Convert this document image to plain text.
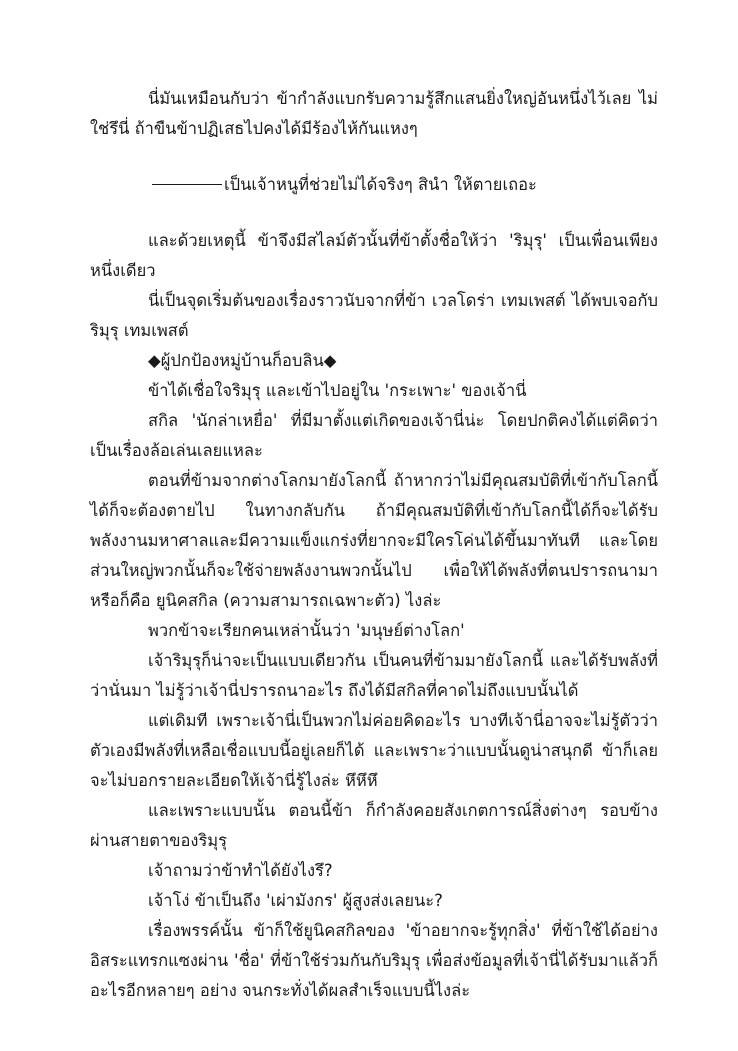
นี่มันเหมือนกับว่า ข้ากำลังแบกรับความรู้สึกแสนยิ่งใหญ่อันหนึ่งไว้เลย ไม่ใช่รึนี่ ถ้าขืนข้าปฏิเสธไปคงได้มีร้องไห้กันแหงๆ

เป็นเจ้าหนูที่ช่วยไม่ได้จริงๆ สินํา ให้ตายเถอะ

และด้วยเหตุนี้ ข้าจึงมีสไลม์ตัวนั้นที่ข้าตั้งชื่อให้ว่า 'ริมุรุ' เป็นเพื่อนเพียงหนึ่งเดียว

นี่เป็นจุดเริ่มต้นของเรื่องราวนับจากที่ข้า เวลโดร่า เทมเพสต์ ได้พบเจอกับ ริมุรุ เทมเพสต์

◆ผู้ปกป้องหมู่บ้านก็อบลิน◆

ข้าได้เชื่อใจริมุรุ และเข้าไปอยู่ใน 'กระเพาะ' ของเจ้านี่

สกิล 'นักล่าเหยื่อ' ที่มีมาตั้งแต่เกิดของเจ้านี่น่ะ โดยปกติคงได้แต่คิดว่าเป็นเรื่องล้อเล่นเลยแหละ

ตอนที่ข้ามจากต่างโลกมายังโลกนี้ ถ้าหากว่าไม่มีคุณสมบัติที่เข้ากับโลกนี้ได้ก็จะต้องตายไป ในทางกลับกัน ถ้ามีคุณสมบัติที่เข้ากับโลกนี้ได้ก็จะได้รับพลังงานมหาศาลและมีความแข็งแกร่งที่ยากจะมีใครโค่นได้ขึ้นมาทันที และโดยส่วนใหญ่พวกนั้นก็จะใช้จ่ายพลังงานพวกนั้นไป เพื่อให้ได้พลังที่ตนปรารถนามา หรือก็คือ ยูนิคสกิล (ความสามารถเฉพาะตัว) ไงล่ะ

พวกข้าจะเรียกคนเหล่านั้นว่า 'มนุษย์ต่างโลก'

เจ้าริมุรุก็น่าจะเป็นแบบเดียวกัน เป็นคนที่ข้ามมายังโลกนี้ และได้รับพลังที่ว่านั่นมา ไม่รู้ว่าเจ้านี่ปรารถนาอะไร ถึงได้มีสกิลที่คาดไม่ถึงแบบนั้นได้

แต่เดิมที เพราะเจ้านี่เป็นพวกไม่ค่อยคิดอะไร บางทีเจ้านี่อาจจะไม่รู้ตัวว่าตัวเองมีพลังที่เหลือเชื่อแบบนี้อยู่เลยก็ได้ และเพราะว่าแบบนั้นดูน่าสนุกดี ข้าก็เลยจะไม่บอกรายละเอียดให้เจ้านี่รู้ไงล่ะ หึหึหึ

และเพราะแบบนั้น ตอนนี้ข้า ก็กำลังคอยสังเกตการณ์สิ่งต่างๆ รอบข้างผ่านสายตาของริมุรุ

เจ้าถามว่าข้าทำได้ยังไงรึ?

เจ้าโง่ ข้าเป็นถึง 'เผ่ามังกร' ผู้สูงส่งเลยนะ?

เรื่องพรรค์นั้น ข้าก็ใช้ยูนิคสกิลของ 'ข้าอยากจะรู้ทุกสิ่ง' ที่ข้าใช้ได้อย่างอิสระแทรกแซงผ่าน 'ชื่อ' ที่ข้าใช้ร่วมกันกับริมุรุ เพื่อส่งข้อมูลที่เจ้านี่ได้รับมาแล้วก็อะไรอีกหลายๆ อย่าง จนกระทั่งได้ผลสำเร็จแบบนี้ไงล่ะ
